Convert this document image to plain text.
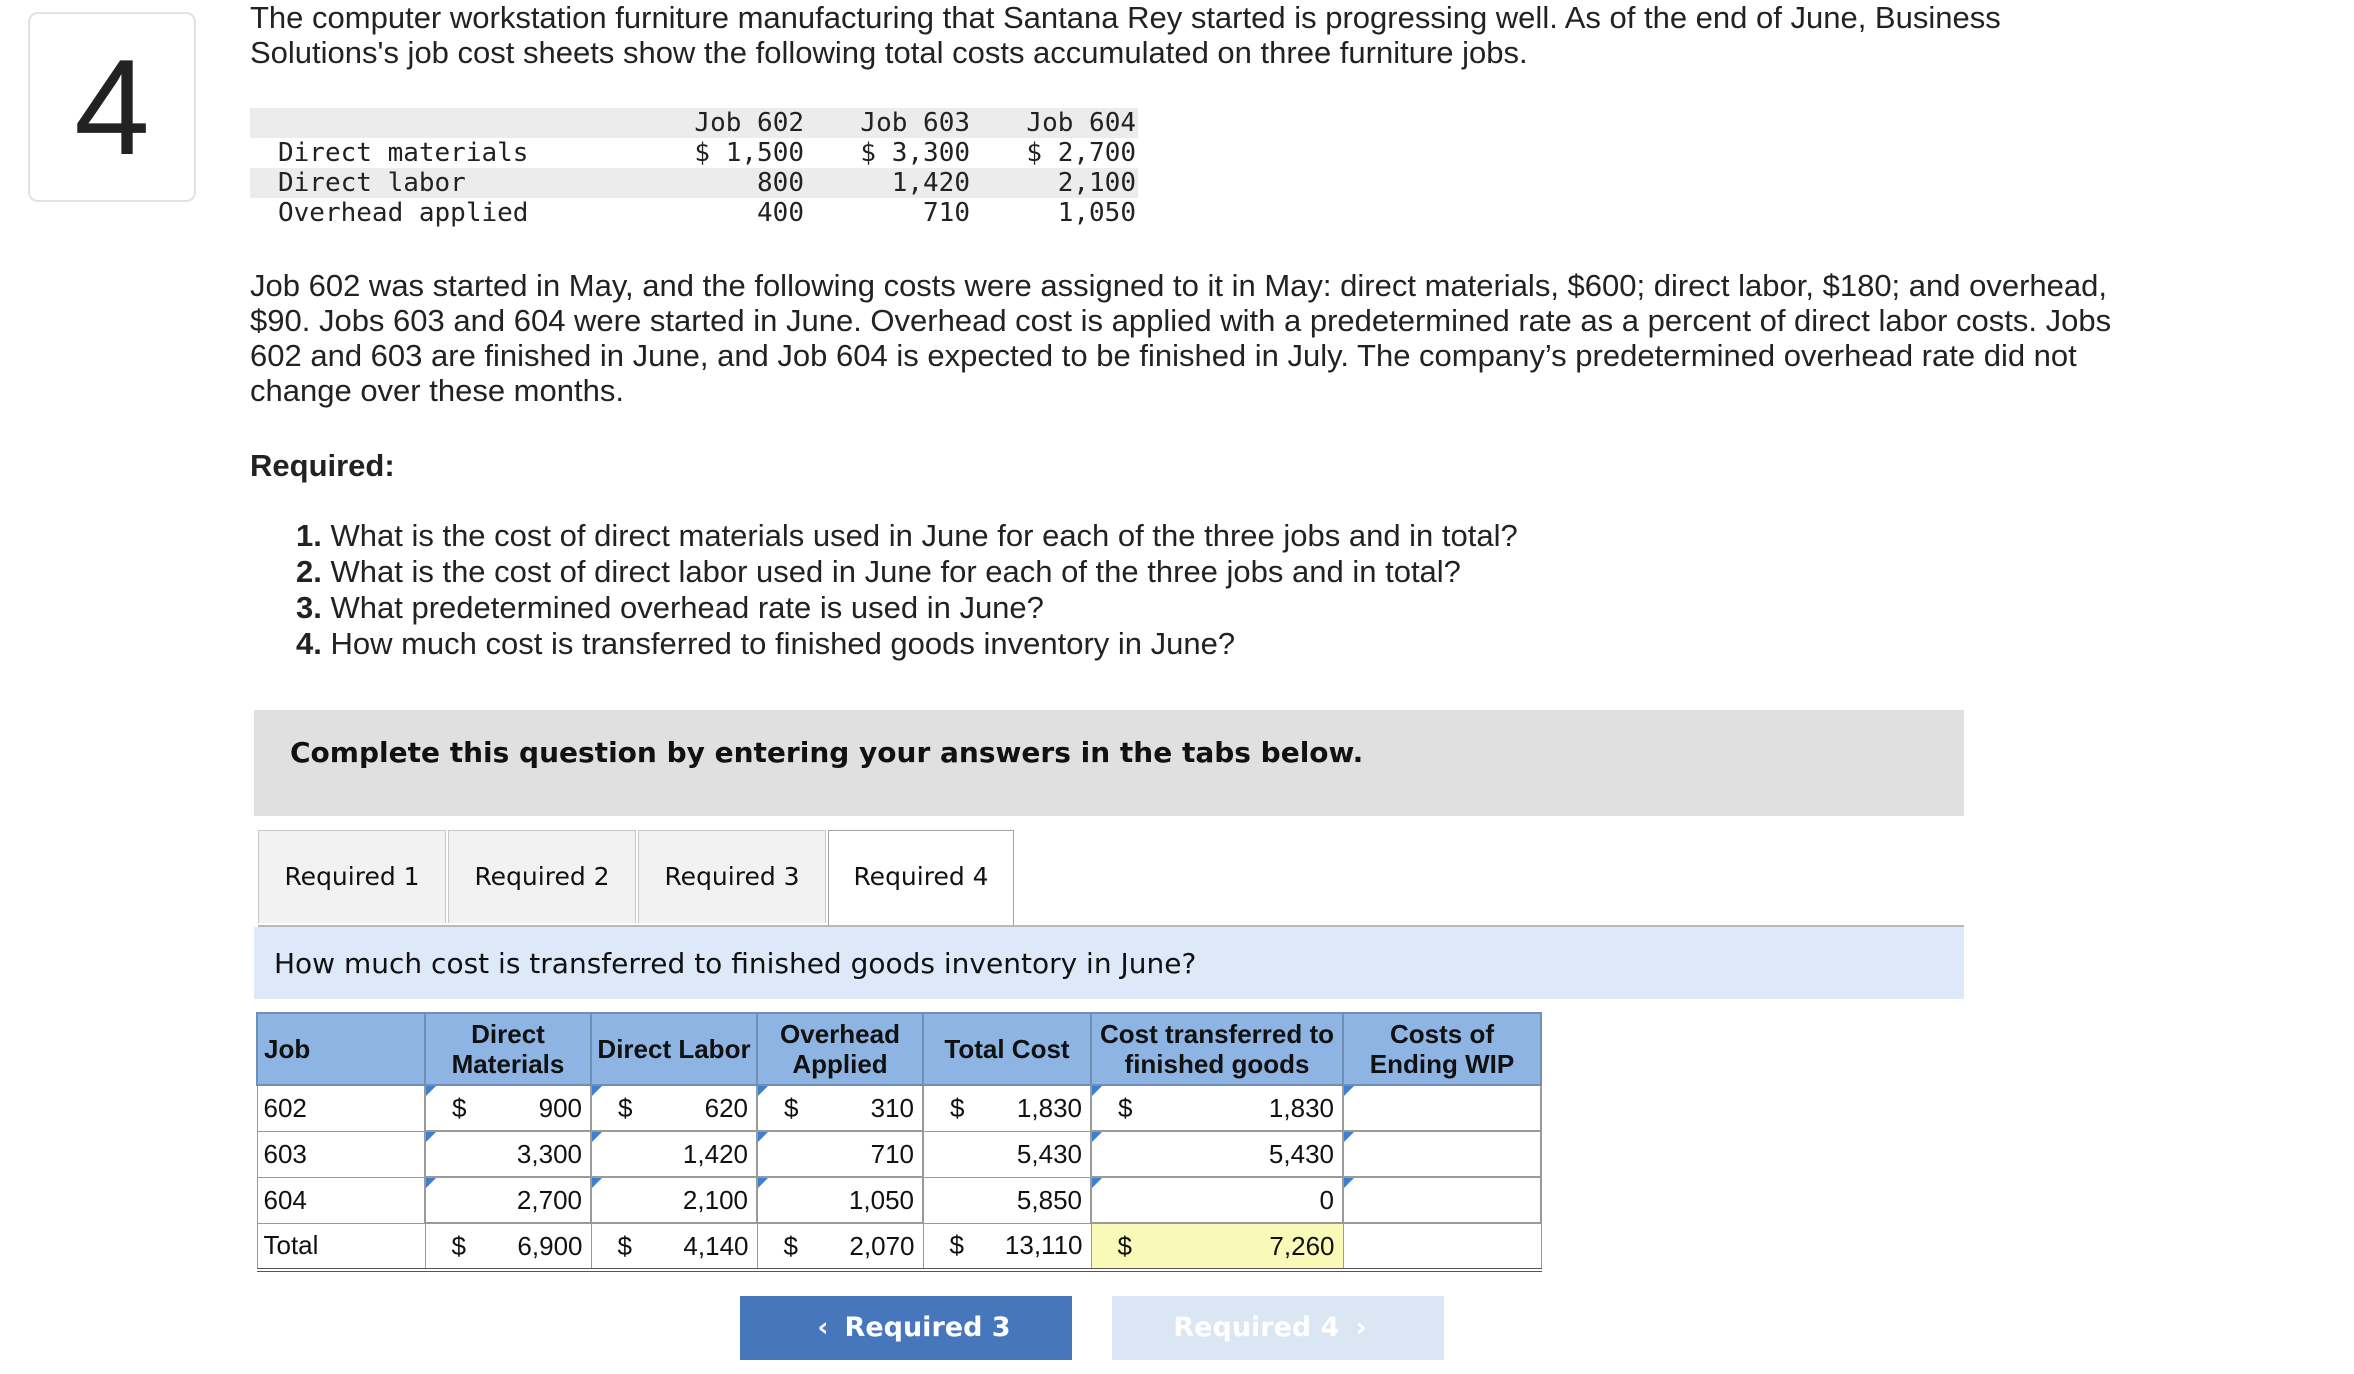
4
The computer workstation furniture manufacturing that Santana Rey started is progressing well. As of the end of June, Business Solutions's job cost sheets show the following total costs accumulated on three furniture jobs.
	Job 602	Job 603	Job 604
Direct materials	$ 1,500	$ 3,300	$ 2,700
Direct labor	800	1,420	2,100
Overhead applied	400	710	1,050
Job 602 was started in May, and the following costs were assigned to it in May: direct materials, $600; direct labor, $180; and overhead, $90. Jobs 603 and 604 were started in June. Overhead cost is applied with a predetermined rate as a percent of direct labor costs. Jobs 602 and 603 are finished in June, and Job 604 is expected to be finished in July. The company’s predetermined overhead rate did not change over these months.
Required:
1. What is the cost of direct materials used in June for each of the three jobs and in total?
2. What is the cost of direct labor used in June for each of the three jobs and in total?
3. What predetermined overhead rate is used in June?
4. How much cost is transferred to finished goods inventory in June?
Complete this question by entering your answers in the tabs below.
Required 1	Required 2	Required 3	Required 4
How much cost is transferred to finished goods inventory in June?
Job	Direct Materials	Direct Labor	Overhead Applied	Total Cost	Cost transferred to finished goods	Costs of Ending WIP
602	$ 900	$ 620	$ 310	$ 1,830	$ 1,830	

603	3,300	1,420	710	5,430	5,430	

604	2,700	2,100	1,050	5,850	0	

Total	$ 6,900	$ 4,140	$ 2,070	$ 13,110	$ 7,260	

‹ Required 3	Required 4 ›
